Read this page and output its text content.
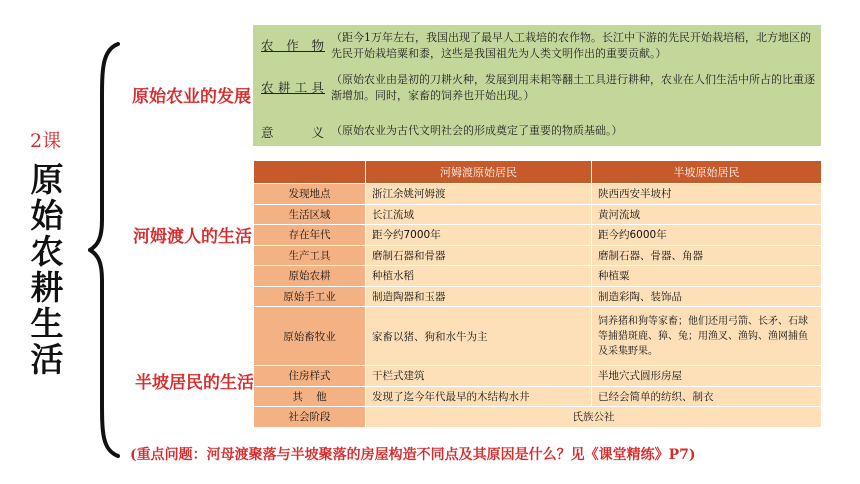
2课
原
始
农
耕
生
活
原始农业的发展
河姆渡人的生活
半坡居民的生活
农作物
（距今1万年左右，我国出现了最早人工栽培的农作物。长江中下游的先民开始栽培稻，北方地区的先民开始栽培粟和黍，这些是我国祖先为人类文明作出的重要贡献。）
农耕工具
（原始农业由是初的刀耕火种，发展到用耒耜等翻土工具进行耕种，农业在人们生活中所占的比重逐渐增加。同时，家畜的饲养也开始出现。）
意 义 （原始农业为古代文明社会的形成奠定了重要的物质基础。）
	河姆渡原始居民	半坡原始居民
发现地点	浙江余姚河姆渡	陕西西安半坡村
生活区域	长江流域	黄河流域
存在年代	距今约7000年	距今约6000年
生产工具	磨制石器和骨器	磨制石器、骨器、角器
原始农耕	种植水稻	种植粟
原始手工业	制造陶器和玉器	制造彩陶、装饰品
原始畜牧业	家畜以猪、狗和水牛为主	饲养猪和狗等家畜；他们还用弓箭、长矛、石球等捕猎斑鹿、獐、兔；用渔叉、渔钩、渔网捕鱼及采集野果。
住房样式	干栏式建筑	半地穴式圆形房屋
其    他	发现了迄今年代最早的木结构水井	已经会简单的纺织、制衣
社会阶段	氏族公社	
(重点问题：河母渡聚落与半坡聚落的房屋构造不同点及其原因是什么？见《课堂精练》P7)
